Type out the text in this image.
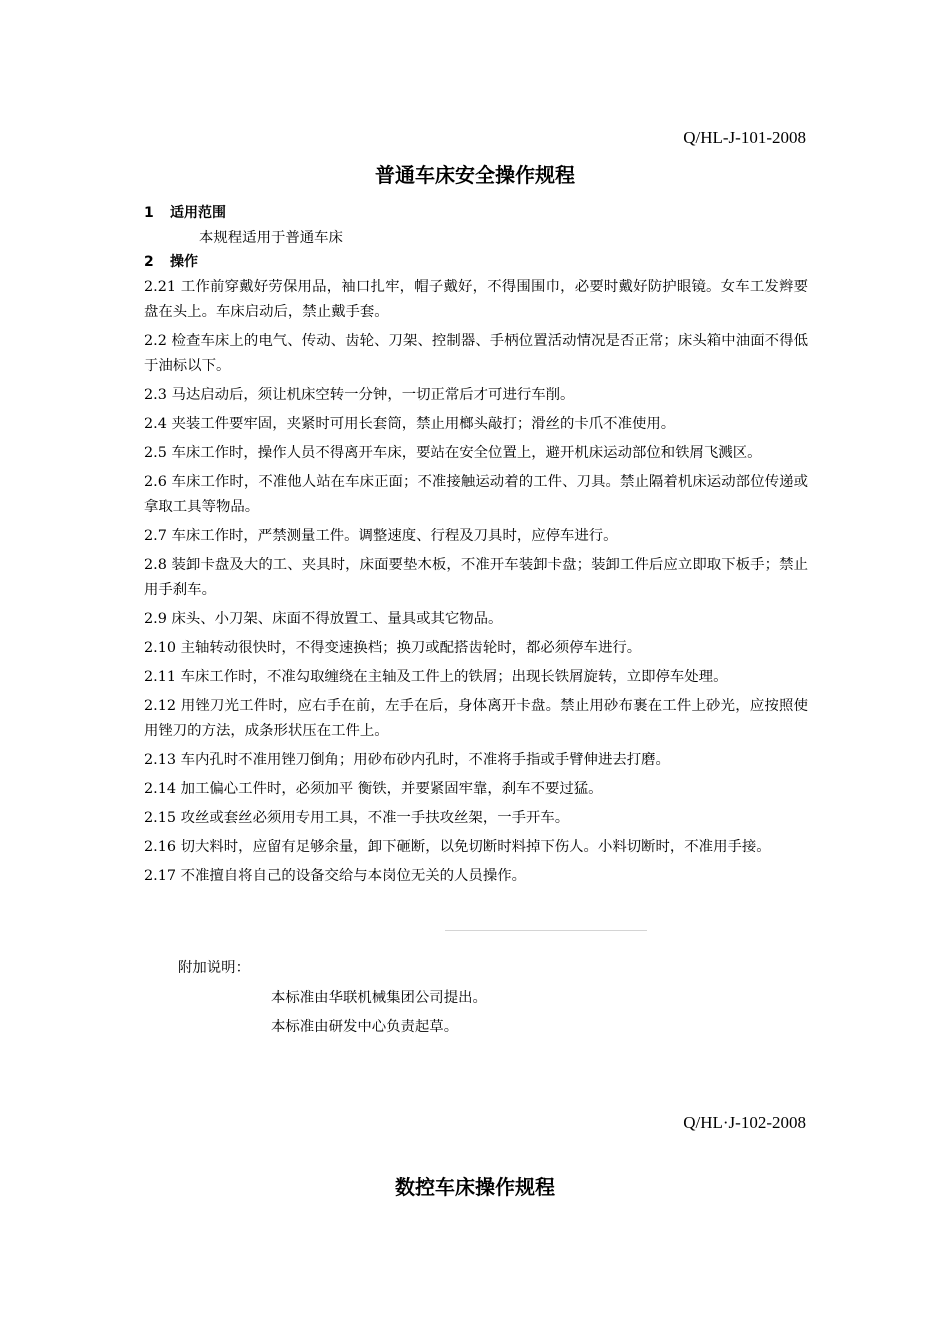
Q/HL-J-101-2008
普通车床安全操作规程
1 适用范围
本规程适用于普通车床
2 操作
2.21 工作前穿戴好劳保用品，袖口扎牢，帽子戴好，不得围围巾，必要时戴好防护眼镜。女车工发辫要盘在头上。车床启动后，禁止戴手套。
2.2 检查车床上的电气、传动、齿轮、刀架、控制器、手柄位置活动情况是否正常；床头箱中油面不得低于油标以下。
2.3 马达启动后，须让机床空转一分钟，一切正常后才可进行车削。
2.4 夹装工件要牢固，夹紧时可用长套筒，禁止用榔头敲打；滑丝的卡爪不准使用。
2.5 车床工作时，操作人员不得离开车床，要站在安全位置上，避开机床运动部位和铁屑飞溅区。
2.6 车床工作时，不准他人站在车床正面；不准接触运动着的工件、刀具。禁止隔着机床运动部位传递或拿取工具等物品。
2.7 车床工作时，严禁测量工件。调整速度、行程及刀具时，应停车进行。
2.8 装卸卡盘及大的工、夹具时，床面要垫木板，不准开车装卸卡盘；装卸工件后应立即取下板手；禁止用手刹车。
2.9 床头、小刀架、床面不得放置工、量具或其它物品。
2.10 主轴转动很快时，不得变速换档；换刀或配搭齿轮时，都必须停车进行。
2.11 车床工作时，不准勾取缠绕在主轴及工件上的铁屑；出现长铁屑旋转，立即停车处理。
2.12 用锉刀光工件时，应右手在前，左手在后，身体离开卡盘。禁止用砂布裹在工件上砂光，应按照使用锉刀的方法，成条形状压在工件上。
2.13 车内孔时不准用锉刀倒角；用砂布砂内孔时，不准将手指或手臂伸进去打磨。
2.14 加工偏心工件时，必须加平 衡铁，并要紧固牢靠，刹车不要过猛。
2.15 攻丝或套丝必须用专用工具，不准一手扶攻丝架，一手开车。
2.16 切大料时，应留有足够余量，卸下砸断，以免切断时料掉下伤人。小料切断时，不准用手接。
2.17 不准擅自将自己的设备交给与本岗位无关的人员操作。
附加说明：
本标准由华联机械集团公司提出。
本标准由研发中心负责起草。
Q/HL·J-102-2008
数控车床操作规程
